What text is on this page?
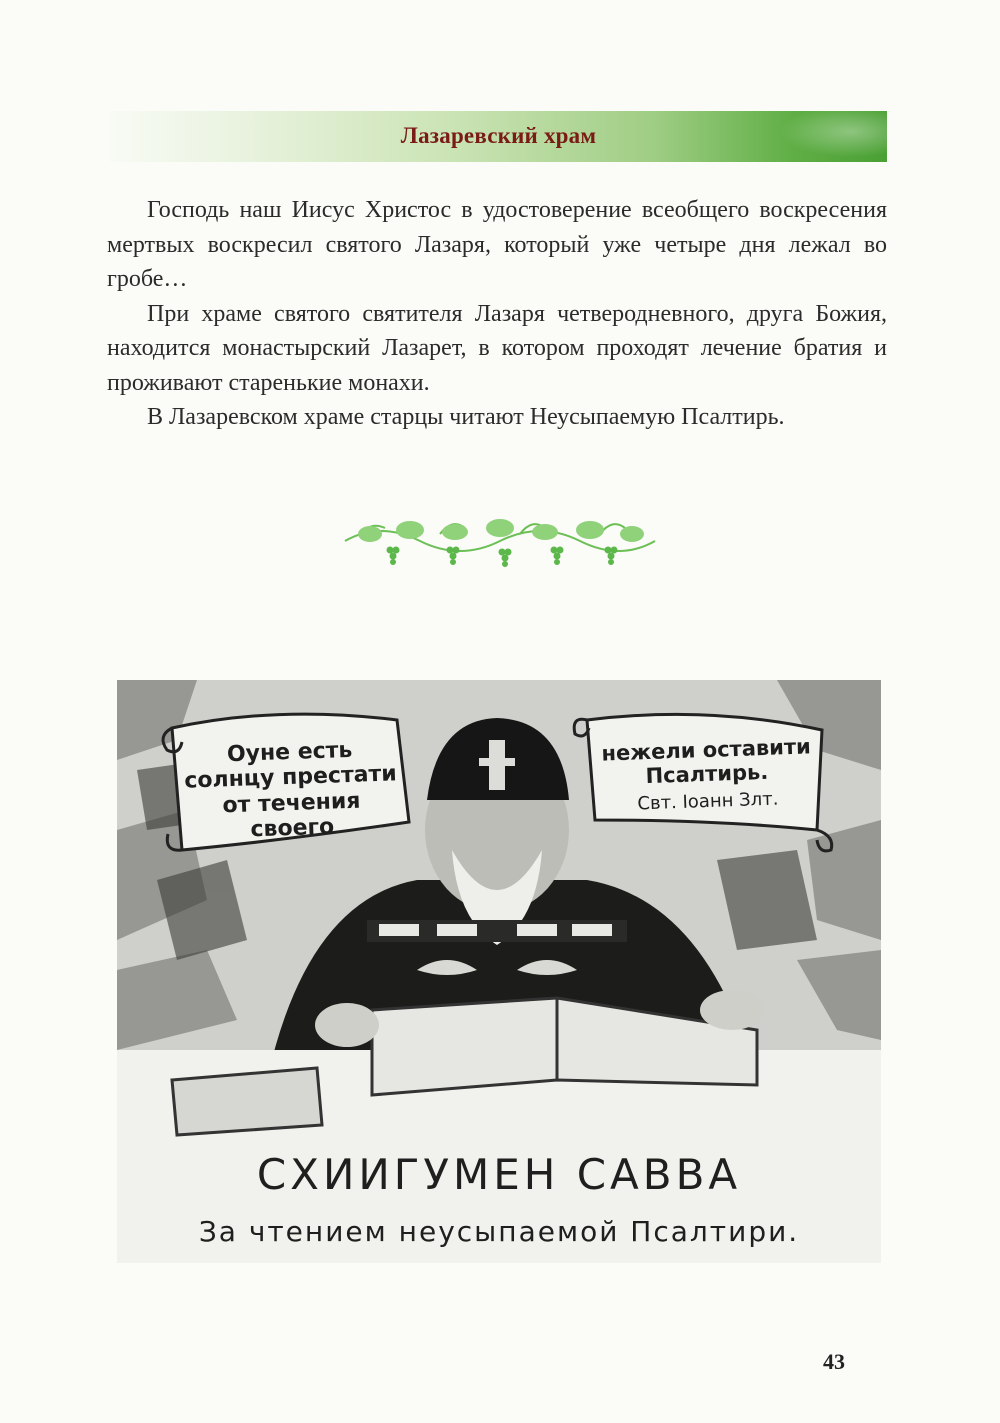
Лазаревский храм

Господь наш Иисус Христос в удостоверение всеобщего воскресения мертвых воскресил святого Лазаря, который уже четыре дня лежал во гробе…

При храме святого святителя Лазаря четверодневного, друга Божия, находится монастырский Лазарет, в котором проходят лечение братия и проживают старенькие монахи.

В Лазаревском храме старцы читают Неусыпаемую Псалтирь.

Оуне есть солнцу престати от течения своего
нежели оставити Псалтирь.
Свт. Іоанн Злт.
СХИИГУМЕН САВВА
За чтением неусыпаемой Псалтири.
43
